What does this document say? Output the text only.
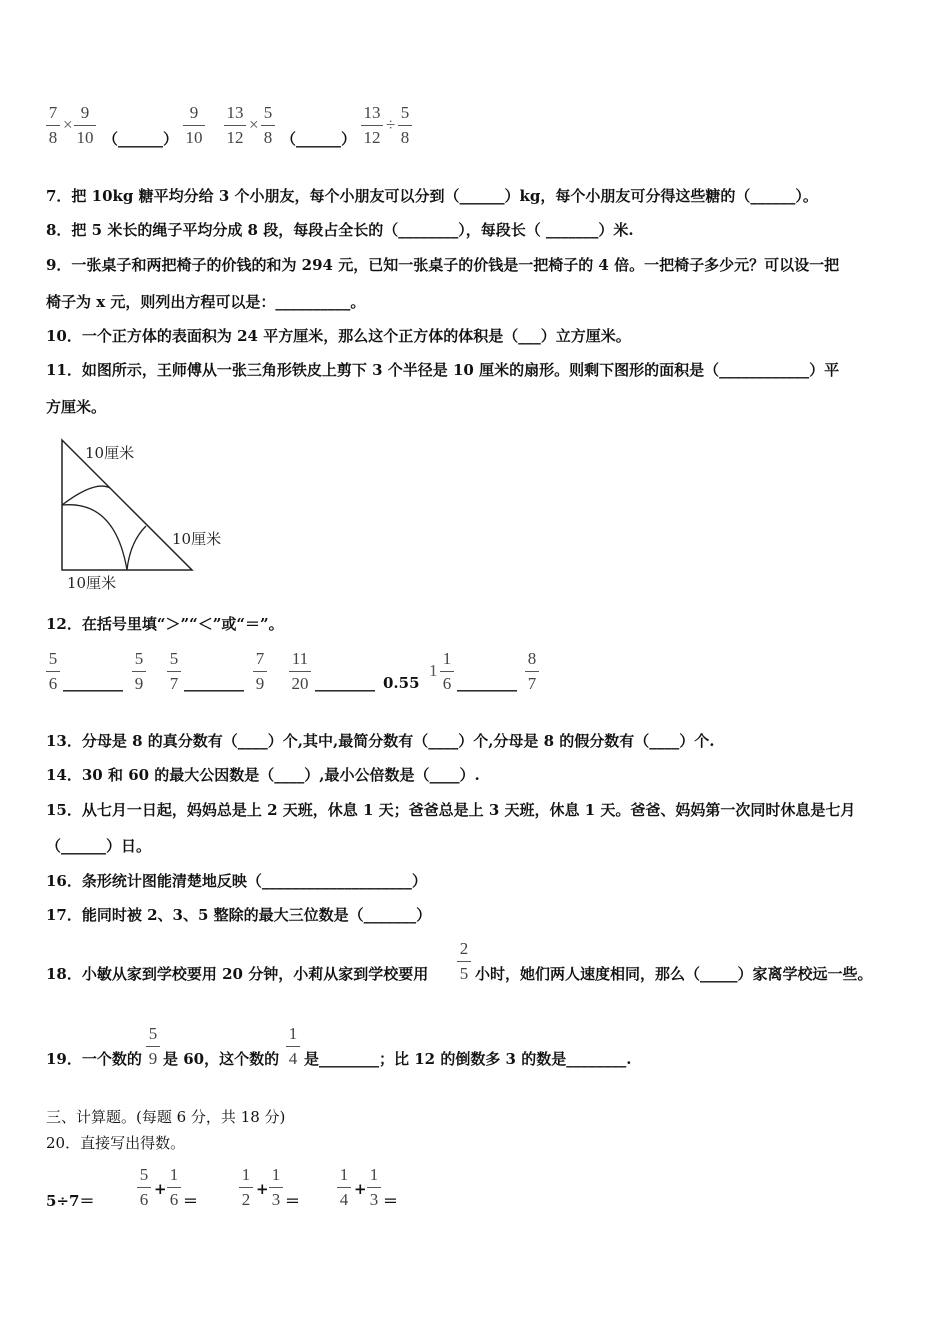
7
8
×
9
10 （______）
9
10
13
12
×
5
8 （______）
13
12
÷
5
8
7．把 10kg 糖平均分给 3 个小朋友，每个小朋友可以分到（______）kg，每个小朋友可分得这些糖的（______）。
8．把 5 米长的绳子平均分成 8 段，每段占全长的（________），每段长（ _______）米.
9．一张桌子和两把椅子的价钱的和为 294 元，已知一张桌子的价钱是一把椅子的 4 倍。一把椅子多少元？可以设一把
椅子为 x 元，则列出方程可以是：__________。
10．一个正方体的表面积为 24 平方厘米，那么这个正方体的体积是（___）立方厘米。
11．如图所示，王师傅从一张三角形铁皮上剪下 3 个半径是 10 厘米的扇形。则剩下图形的面积是（____________）平
方厘米。
10厘米
10厘米
10厘米
12．在括号里填“＞”“＜”或“＝”。
5
6 ________
5
9
5
7 ________
7
9
11
20 ________ 0.55
1
1
6 ________
8
7
13．分母是 8 的真分数有（____）个,其中,最简分数有（____）个,分母是 8 的假分数有（____）个.
14．30 和 60 的最大公因数是（____）,最小公倍数是（____）.
15．从七月一日起，妈妈总是上 2 天班，休息 1 天；爸爸总是上 3 天班，休息 1 天。爸爸、妈妈第一次同时休息是七月
（______）日。
16．条形统计图能清楚地反映（____________________）
17．能同时被 2、3、5 整除的最大三位数是（_______）
18．小敏从家到学校要用 20 分钟，小莉从家到学校要用
2
5 小时，她们两人速度相同，那么（_____）家离学校远一些。
19．一个数的
5
9 是 60，这个数的
1
4 是________；比 12 的倒数多 3 的数是________.
三、计算题。(每题 6 分，共 18 分)
20．直接写出得数。
5÷7＝
5
6
+
1
6 ＝
1
2
+
1
3 ＝
1
4
+
1
3 ＝
